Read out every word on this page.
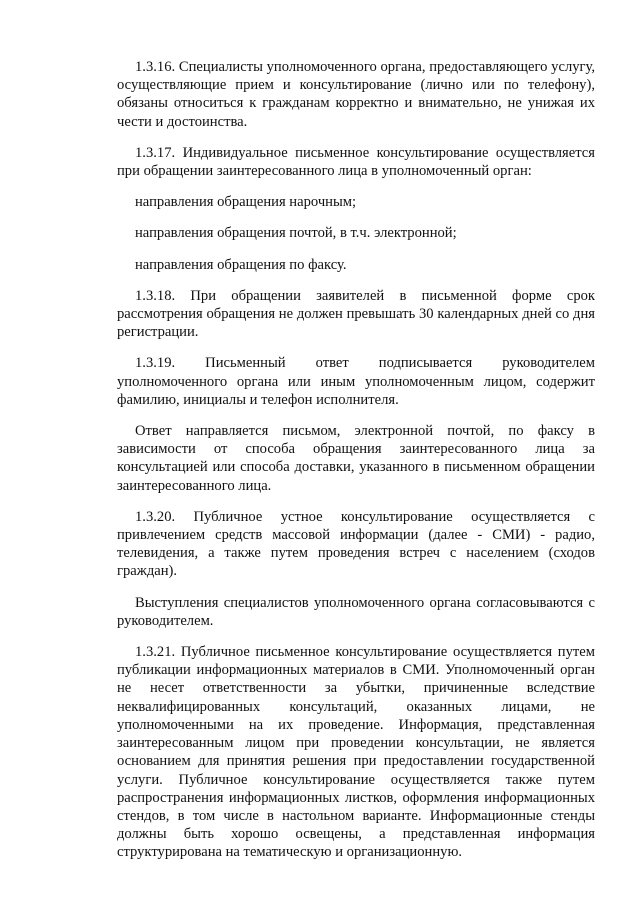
1.3.16. Специалисты уполномоченного органа, предоставляющего услугу, осуществляющие прием и консультирование (лично или по телефону), обязаны относиться к гражданам корректно и внимательно, не унижая их чести и достоинства.

1.3.17. Индивидуальное письменное консультирование осуществляется при обращении заинтересованного лица в уполномоченный орган:

направления обращения нарочным;

направления обращения почтой, в т.ч. электронной;

направления обращения по факсу.

1.3.18. При обращении заявителей в письменной форме срок рассмотрения обращения не должен превышать 30 календарных дней со дня регистрации.

1.3.19. Письменный ответ подписывается руководителем уполномоченного органа или иным уполномоченным лицом, содержит фамилию, инициалы и телефон исполнителя.

Ответ направляется письмом, электронной почтой, по факсу в зависимости от способа обращения заинтересованного лица за консультацией или способа доставки, указанного в письменном обращении заинтересованного лица.

1.3.20. Публичное устное консультирование осуществляется с привлечением средств массовой информации (далее - СМИ) - радио, телевидения, а также путем проведения встреч с населением (сходов граждан).

Выступления специалистов уполномоченного органа согласовываются с руководителем.

1.3.21. Публичное письменное консультирование осуществляется путем публикации информационных материалов в СМИ. Уполномоченный орган не несет ответственности за убытки, причиненные вследствие неквалифицированных консультаций, оказанных лицами, не уполномоченными на их проведение. Информация, представленная заинтересованным лицом при проведении консультации, не является основанием для принятия решения при предоставлении государственной услуги. Публичное консультирование осуществляется также путем распространения информационных листков, оформления информационных стендов, в том числе в настольном варианте. Информационные стенды должны быть хорошо освещены, а представленная информация структурирована на тематическую и организационную.
